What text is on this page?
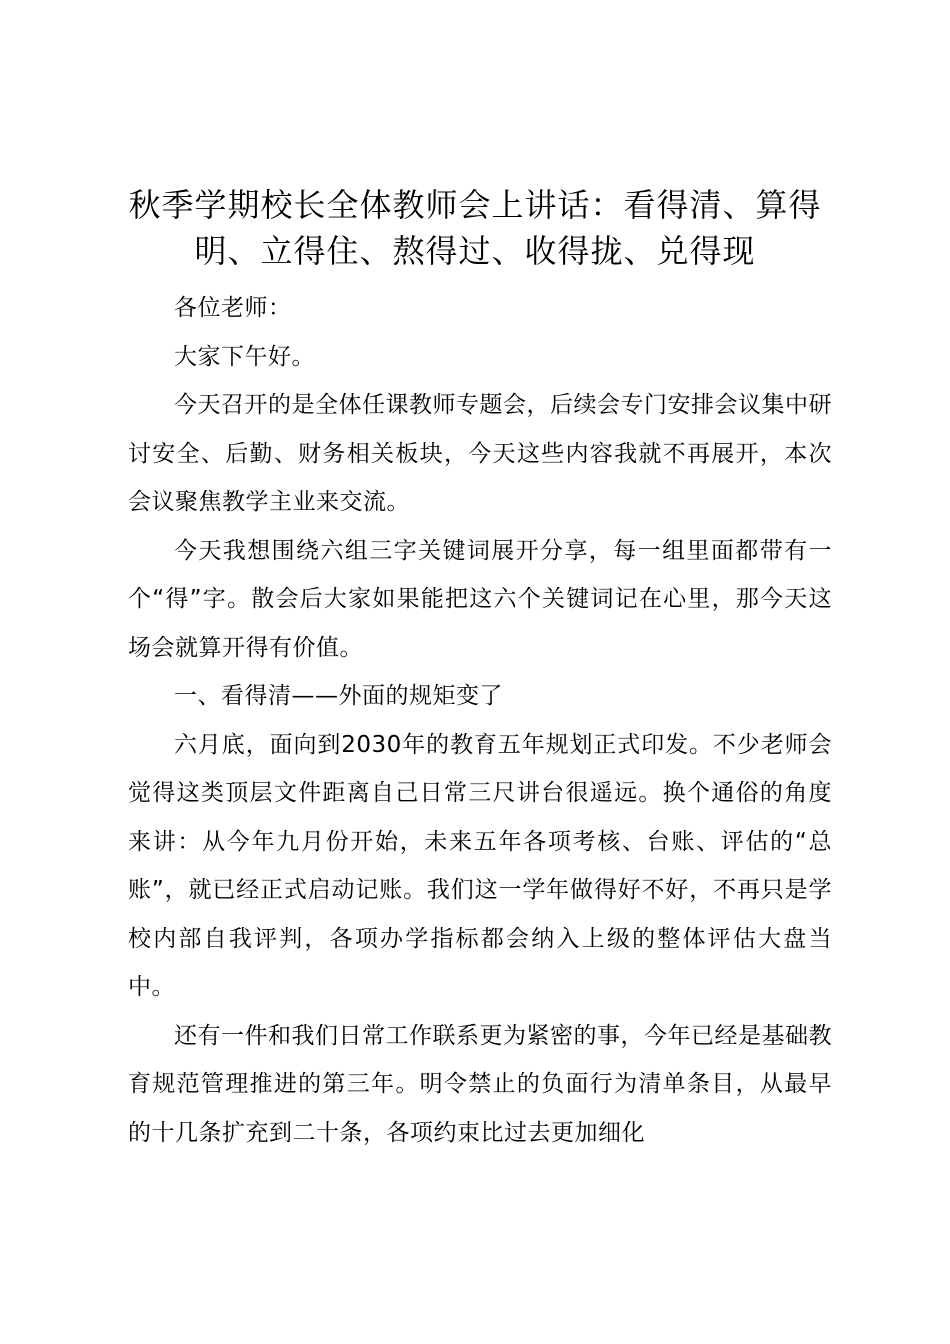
秋季学期校长全体教师会上讲话：看得清、算得明、立得住、熬得过、收得拢、兑得现

各位老师：

大家下午好。

今天召开的是全体任课教师专题会，后续会专门安排会议集中研讨安全、后勤、财务相关板块，今天这些内容我就不再展开，本次会议聚焦教学主业来交流。

今天我想围绕六组三字关键词展开分享，每一组里面都带有一个“得”字。散会后大家如果能把这六个关键词记在心里，那今天这场会就算开得有价值。

一、看得清——外面的规矩变了

六月底，面向到2030年的教育五年规划正式印发。不少老师会觉得这类顶层文件距离自己日常三尺讲台很遥远。换个通俗的角度来讲：从今年九月份开始，未来五年各项考核、台账、评估的“总账”，就已经正式启动记账。我们这一学年做得好不好，不再只是学校内部自我评判，各项办学指标都会纳入上级的整体评估大盘当中。

还有一件和我们日常工作联系更为紧密的事，今年已经是基础教育规范管理推进的第三年。明令禁止的负面行为清单条目，从最早的十几条扩充到二十条，各项约束比过去更加细化
